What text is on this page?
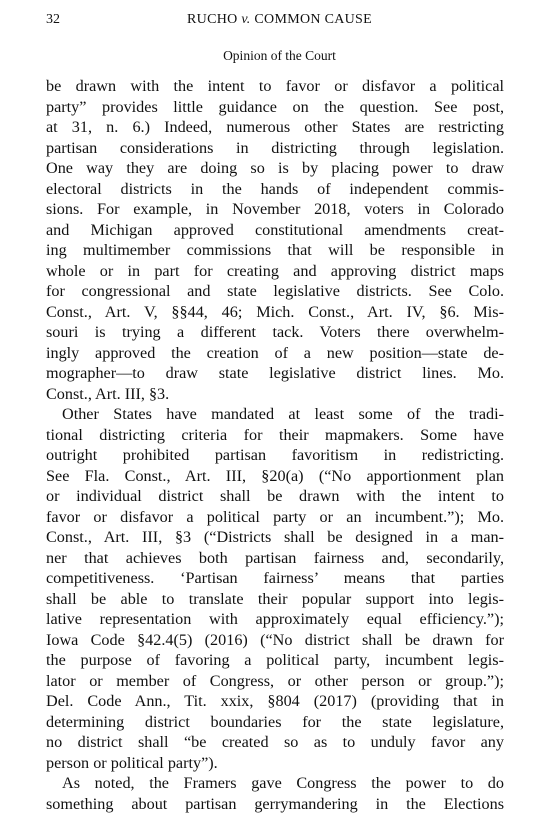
32	RUCHO v. COMMON CAUSE
Opinion of the Court
be drawn with the intent to favor or disfavor a political
party” provides little guidance on the question. See post,
at 31, n. 6.) Indeed, numerous other States are restricting
partisan considerations in districting through legislation.
One way they are doing so is by placing power to draw
electoral districts in the hands of independent commis-
sions. For example, in November 2018, voters in Colorado
and Michigan approved constitutional amendments creat-
ing multimember commissions that will be responsible in
whole or in part for creating and approving district maps
for congressional and state legislative districts. See Colo.
Const., Art. V, §§44, 46; Mich. Const., Art. IV, §6. Mis-
souri is trying a different tack. Voters there overwhelm-
ingly approved the creation of a new position—state de-
mographer—to draw state legislative district lines. Mo.
Const., Art. III, §3.
Other States have mandated at least some of the tradi-
tional districting criteria for their mapmakers. Some have
outright prohibited partisan favoritism in redistricting.
See Fla. Const., Art. III, §20(a) (“No apportionment plan
or individual district shall be drawn with the intent to
favor or disfavor a political party or an incumbent.”); Mo.
Const., Art. III, §3 (“Districts shall be designed in a man-
ner that achieves both partisan fairness and, secondarily,
competitiveness. ‘Partisan fairness’ means that parties
shall be able to translate their popular support into legis-
lative representation with approximately equal efficiency.”);
Iowa Code §42.4(5) (2016) (“No district shall be drawn for
the purpose of favoring a political party, incumbent legis-
lator or member of Congress, or other person or group.”);
Del. Code Ann., Tit. xxix, §804 (2017) (providing that in
determining district boundaries for the state legislature,
no district shall “be created so as to unduly favor any
person or political party”).
As noted, the Framers gave Congress the power to do
something about partisan gerrymandering in the Elections
